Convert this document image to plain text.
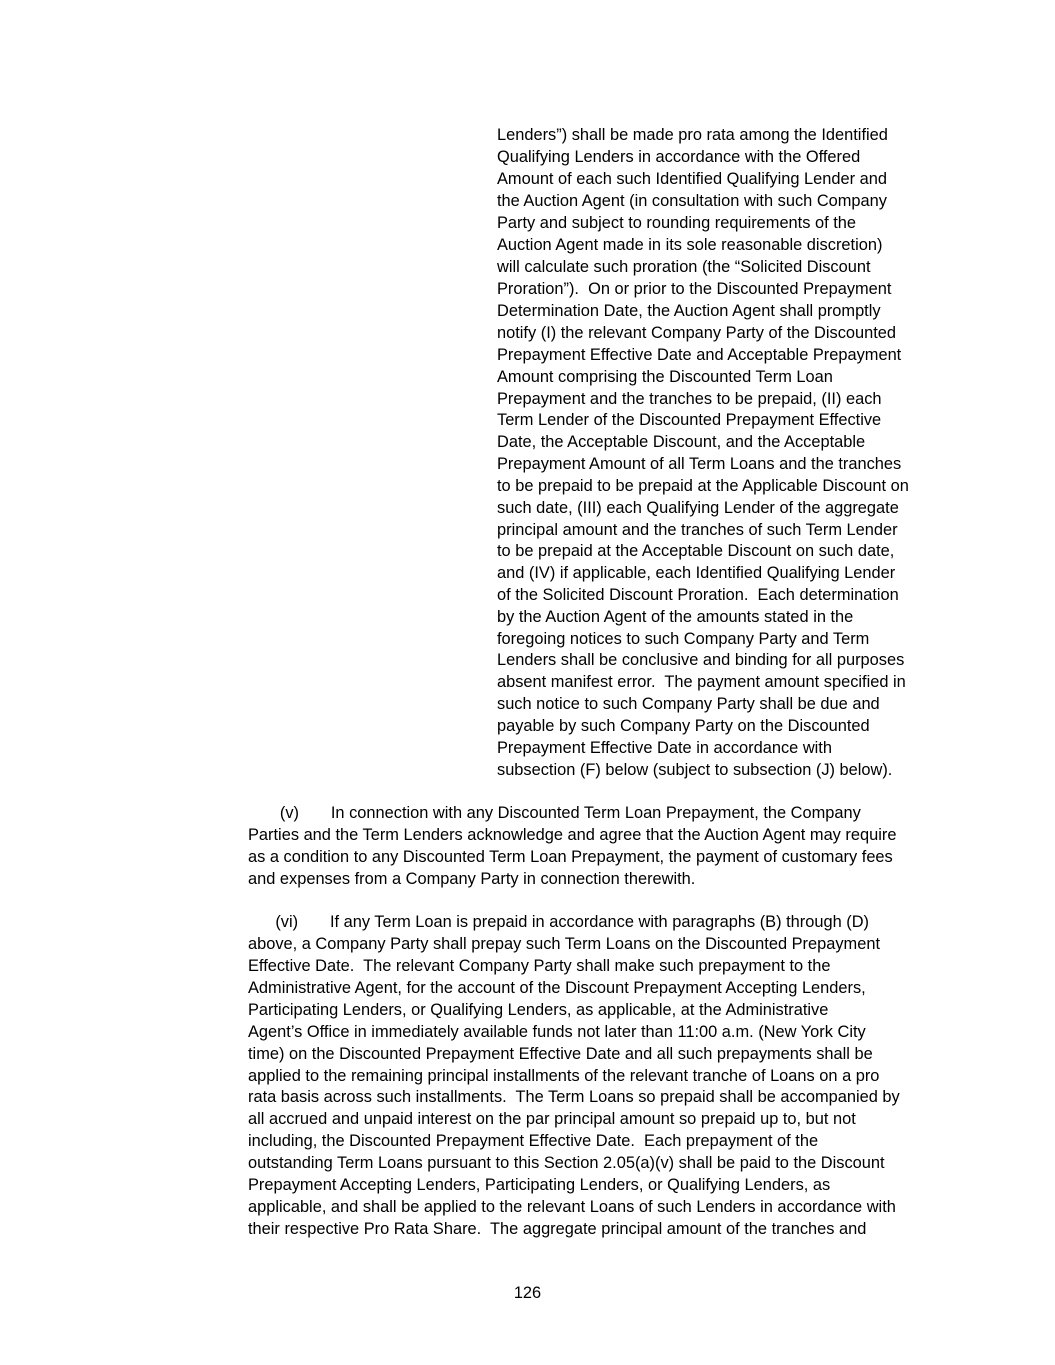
Lenders”) shall be made pro rata among the Identified
Qualifying Lenders in accordance with the Offered
Amount of each such Identified Qualifying Lender and
the Auction Agent (in consultation with such Company
Party and subject to rounding requirements of the
Auction Agent made in its sole reasonable discretion)
will calculate such proration (the “Solicited Discount
Proration”).  On or prior to the Discounted Prepayment
Determination Date, the Auction Agent shall promptly
notify (I) the relevant Company Party of the Discounted
Prepayment Effective Date and Acceptable Prepayment
Amount comprising the Discounted Term Loan
Prepayment and the tranches to be prepaid, (II) each
Term Lender of the Discounted Prepayment Effective
Date, the Acceptable Discount, and the Acceptable
Prepayment Amount of all Term Loans and the tranches
to be prepaid to be prepaid at the Applicable Discount on
such date, (III) each Qualifying Lender of the aggregate
principal amount and the tranches of such Term Lender
to be prepaid at the Acceptable Discount on such date,
and (IV) if applicable, each Identified Qualifying Lender
of the Solicited Discount Proration.  Each determination
by the Auction Agent of the amounts stated in the
foregoing notices to such Company Party and Term
Lenders shall be conclusive and binding for all purposes
absent manifest error.  The payment amount specified in
such notice to such Company Party shall be due and
payable by such Company Party on the Discounted
Prepayment Effective Date in accordance with
subsection (F) below (subject to subsection (J) below).
(v)       In connection with any Discounted Term Loan Prepayment, the Company
Parties and the Term Lenders acknowledge and agree that the Auction Agent may require
as a condition to any Discounted Term Loan Prepayment, the payment of customary fees
and expenses from a Company Party in connection therewith.
(vi)       If any Term Loan is prepaid in accordance with paragraphs (B) through (D)
above, a Company Party shall prepay such Term Loans on the Discounted Prepayment
Effective Date.  The relevant Company Party shall make such prepayment to the
Administrative Agent, for the account of the Discount Prepayment Accepting Lenders,
Participating Lenders, or Qualifying Lenders, as applicable, at the Administrative
Agent’s Office in immediately available funds not later than 11:00 a.m. (New York City
time) on the Discounted Prepayment Effective Date and all such prepayments shall be
applied to the remaining principal installments of the relevant tranche of Loans on a pro
rata basis across such installments.  The Term Loans so prepaid shall be accompanied by
all accrued and unpaid interest on the par principal amount so prepaid up to, but not
including, the Discounted Prepayment Effective Date.  Each prepayment of the
outstanding Term Loans pursuant to this Section 2.05(a)(v) shall be paid to the Discount
Prepayment Accepting Lenders, Participating Lenders, or Qualifying Lenders, as
applicable, and shall be applied to the relevant Loans of such Lenders in accordance with
their respective Pro Rata Share.  The aggregate principal amount of the tranches and
126
